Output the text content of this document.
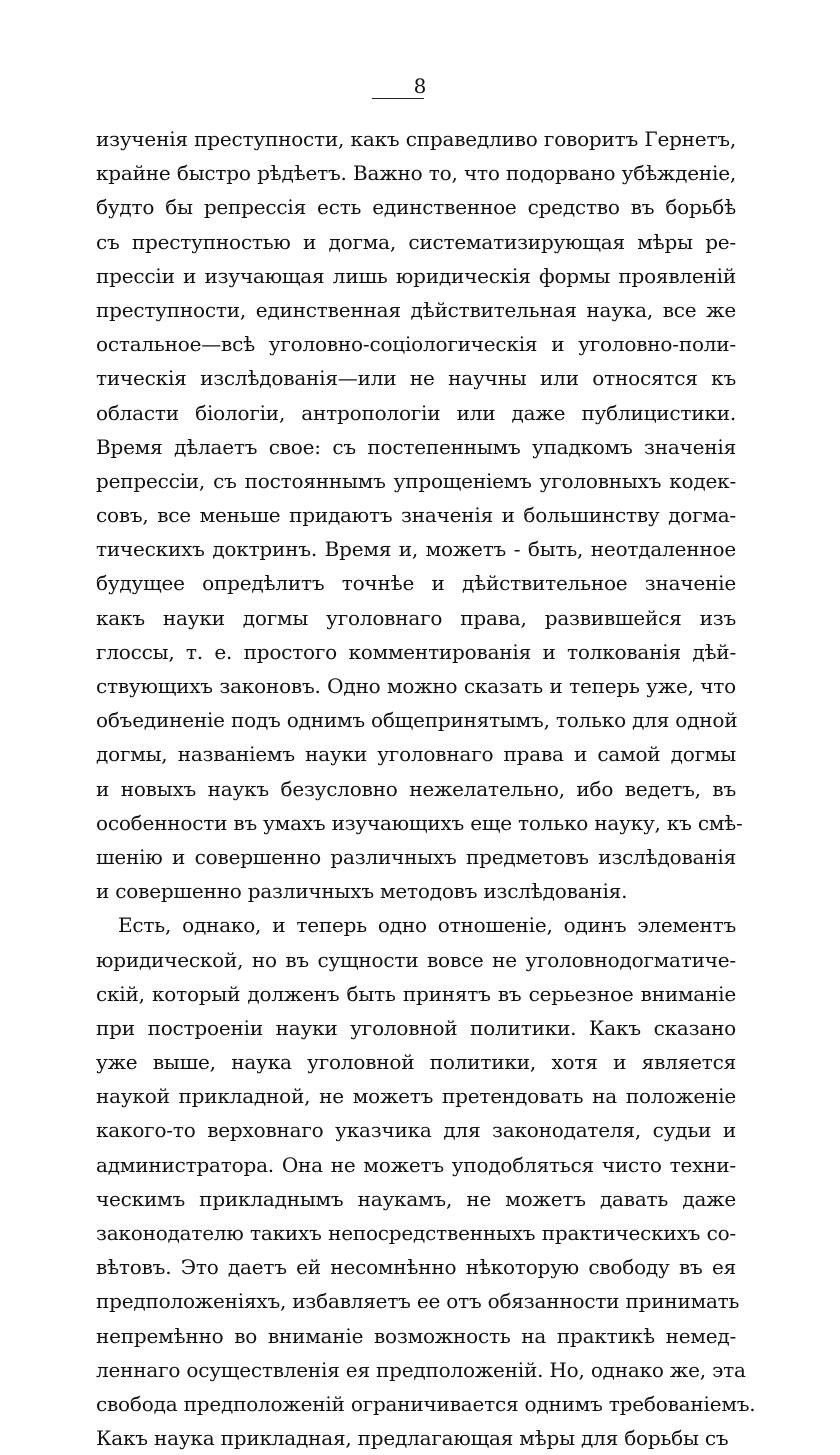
8
изученія преступности, какъ справедливо говоритъ Гернетъ,
крайне быстро рѣдѣетъ. Важно то, что подорвано убѣжденіе,
будто бы репрессія есть единственное средство въ борьбѣ
съ преступностью и догма, систематизирующая мѣры ре-
прессіи и изучающая лишь юридическія формы проявленій
преступности, единственная дѣйствительная наука, все же
остальное—всѣ уголовно-соціологическія и уголовно-поли-
тическія изслѣдованія—или не научны или относятся къ
области біологіи, антропологіи или даже публицистики.
Время дѣлаетъ свое: съ постепеннымъ упадкомъ значенія
репрессіи, съ постояннымъ упрощеніемъ уголовныхъ кодек-
совъ, все меньше придаютъ значенія и большинству догма-
тическихъ доктринъ. Время и, можетъ - быть, неотдаленное
будущее опредѣлитъ точнѣе и дѣйствительное значеніе
какъ науки догмы уголовнаго права, развившейся изъ
глоссы, т. е. простого комментированія и толкованія дѣй-
ствующихъ законовъ. Одно можно сказать и теперь уже, что
объединеніе подъ однимъ общепринятымъ, только для одной
догмы, названіемъ науки уголовнаго права и самой догмы
и новыхъ наукъ безусловно нежелательно, ибо ведетъ, въ
особенности въ умахъ изучающихъ еще только науку, къ смѣ-
шенію и совершенно различныхъ предметовъ изслѣдованія
и совершенно различныхъ методовъ изслѣдованія.
Есть, однако, и теперь одно отношеніе, одинъ элементъ
юридической, но въ сущности вовсе не уголовнодогматиче-
скій, который долженъ быть принятъ въ серьезное вниманіе
при построеніи науки уголовной политики. Какъ сказано
уже выше, наука уголовной политики, хотя и является
наукой прикладной, не можетъ претендовать на положеніе
какого-то верховнаго указчика для законодателя, судьи и
администратора. Она не можетъ уподобляться чисто техни-
ческимъ прикладнымъ наукамъ, не можетъ давать даже
законодателю такихъ непосредственныхъ практическихъ со-
вѣтовъ. Это даетъ ей несомнѣнно нѣкоторую свободу въ ея
предположеніяхъ, избавляетъ ее отъ обязанности принимать
непремѣнно во вниманіе возможность на практикѣ немед-
леннаго осуществленія ея предположеній. Но, однако же, эта
свобода предположеній ограничивается однимъ требованіемъ.
Какъ наука прикладная, предлагающая мѣры для борьбы съ
